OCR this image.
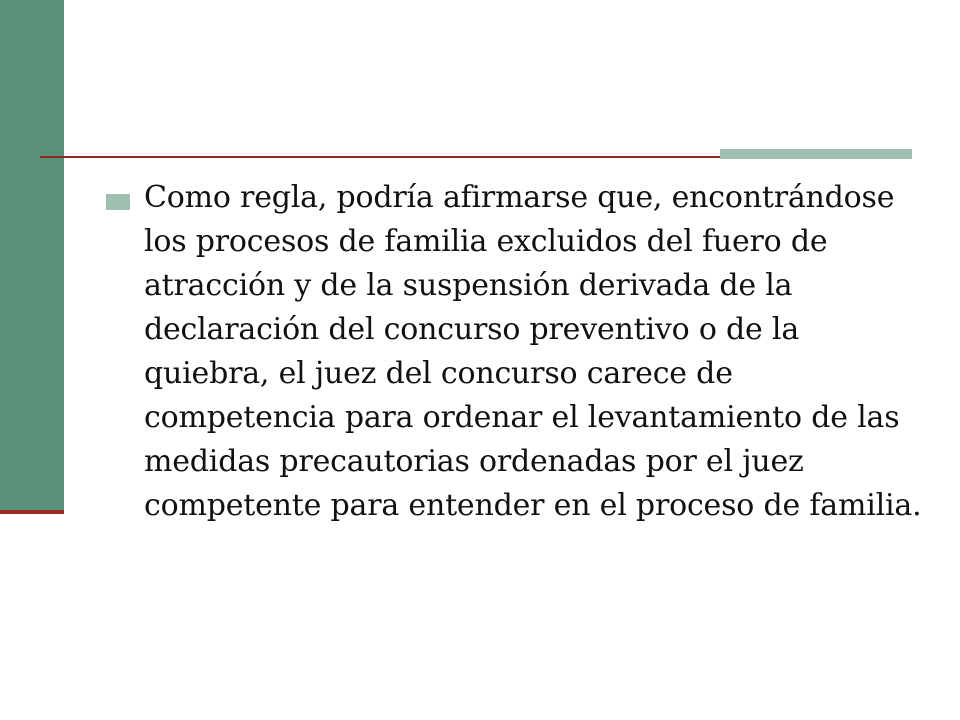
Como regla, podría afirmarse que, encontrándose los procesos de familia excluidos del fuero de atracción y de la suspensión derivada de la declaración del concurso preventivo o de la quiebra, el juez del concurso carece de competencia para ordenar el levantamiento de las medidas precautorias ordenadas por el juez competente para entender en el proceso de familia.
